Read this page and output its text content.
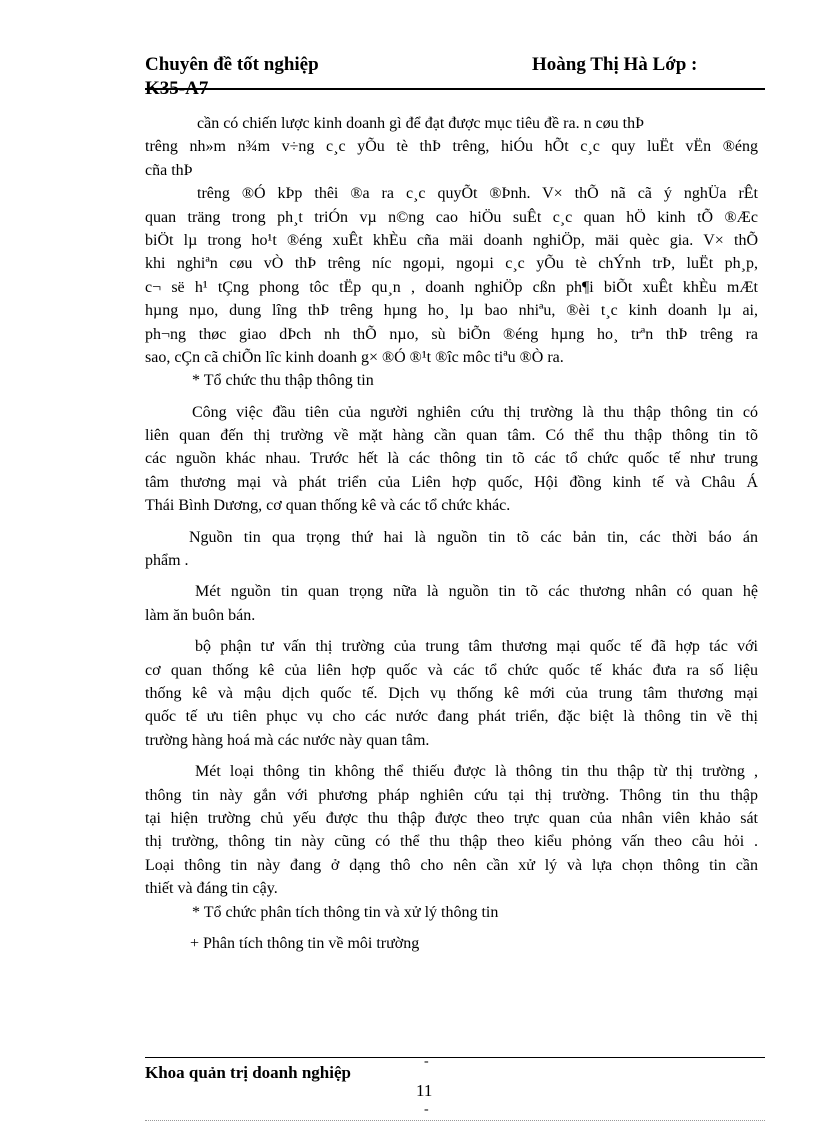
Chuyên đề tốt nghiệp	Hoàng Thị Hà Lớp :
K35-A7
cần có chiến lược kinh doanh gì để đạt được mục tiêu đề ra. n cøu thÞ
trêng nh»m n¾m v÷ng c¸c yÕu tè thÞ trêng, hiÓu hÕt c¸c quy luËt vËn ®éng
cña thÞ
trêng ®Ó kÞp thêi ®a ra c¸c quyÕt ®Þnh. V× thÕ nã cã ý nghÜa rÊt
quan träng trong ph¸t triÓn vµ n©ng cao hiÖu suÊt c¸c quan hÖ kinh tÕ ®Æc
biÖt lµ trong ho¹t ®éng xuÊt khÈu cña mäi doanh nghiÖp, mäi quèc gia. V× thÕ
khi nghiªn cøu vÒ thÞ trêng níc ngoµi, ngoµi c¸c yÕu tè chÝnh trÞ, luËt ph¸p,
c¬ së h¹ tÇng phong tôc tËp qu¸n , doanh nghiÖp cßn ph¶i biÕt xuÊt khÈu mÆt
hµng nµo, dung lîng thÞ trêng hµng ho¸ lµ bao nhiªu, ®èi t¸c kinh doanh lµ ai,
ph¬ng thøc giao dÞch nh thÕ nµo, sù biÕn ®éng hµng ho¸ trªn thÞ trêng ra
sao, cÇn cã chiÕn lîc kinh doanh g× ®Ó ®¹t ®îc môc tiªu ®Ò ra.
* Tổ chức thu thập thông tin
Công việc đầu tiên của người nghiên cứu thị trường là thu thập thông tin có
liên quan đến thị trường về mặt hàng cần quan tâm. Có thể thu thập thông tin tõ
các nguồn khác nhau. Trước hết là các thông tin tõ các tổ chức quốc tế như trung
tâm thương mại và phát triển của Liên hợp quốc, Hội đồng kinh tế và Châu Á
Thái Bình Dương, cơ quan thống kê và các tổ chức khác.
Nguồn tin qua trọng thứ hai là nguồn tin tõ các bản tin, các thời báo án
phẩm .
Mét nguồn tin quan trọng nữa là nguồn tin tõ các thương nhân có quan hệ
làm ăn buôn bán.
bộ phận tư vấn thị trường của trung tâm thương mại quốc tế đã hợp tác với
cơ quan thống kê của liên hợp quốc và các tổ chức quốc tế khác đưa ra số liệu
thống kê và mậu dịch quốc tế. Dịch vụ thống kê mới của trung tâm thương mại
quốc tế ưu tiên phục vụ cho các nước đang phát triển, đặc biệt là thông tin về thị
trường hàng hoá mà các nước này quan tâm.
Mét loại thông tin không thể thiếu được là thông tin thu thập từ thị trường ,
thông tin này gắn với phương pháp nghiên cứu tại thị trường. Thông tin thu thập
tại hiện trường chủ yếu được thu thập được theo trực quan của nhân viên khảo sát
thị trường, thông tin này cũng có thể thu thập theo kiểu phỏng vấn theo câu hỏi .
Loại thông tin này đang ở dạng thô cho nên cần xử lý và lựa chọn thông tin cần
thiết và đáng tin cậy.
* Tổ chức phân tích thông tin và xử lý thông tin
+ Phân tích thông tin về môi trường
Khoa quản trị doanh nghiệp
-
11
-
